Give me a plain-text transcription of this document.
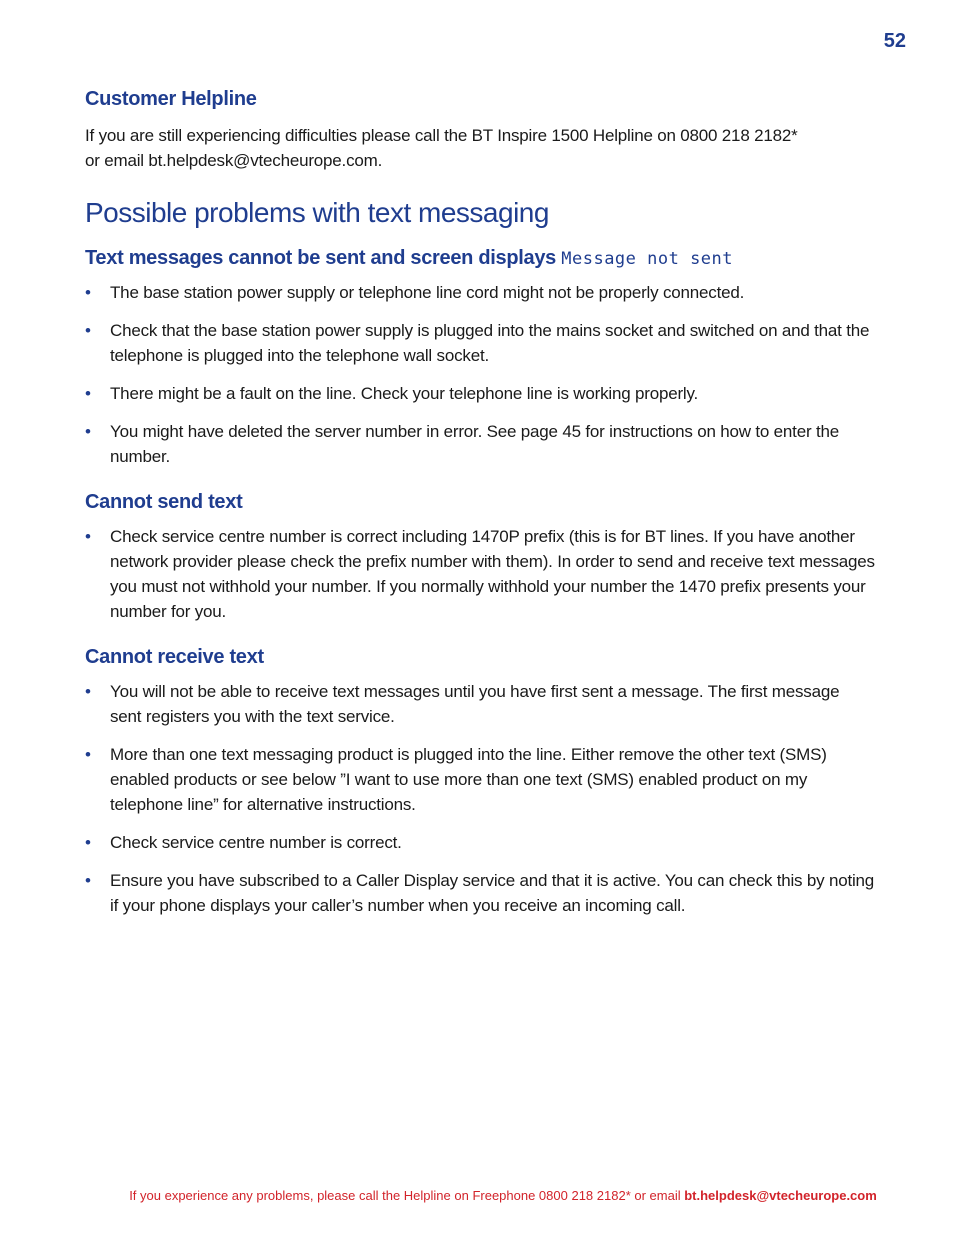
52
Customer Helpline

If you are still experiencing difficulties please call the BT Inspire 1500 Helpline on 0800 218 2182*
or email bt.helpdesk@vtecheurope.com.

Possible problems with text messaging
Text messages cannot be sent and screen displays Message not sent
• The base station power supply or telephone line cord might not be properly connected.
• Check that the base station power supply is plugged into the mains socket and switched on and that the telephone is plugged into the telephone wall socket.
• There might be a fault on the line. Check your telephone line is working properly.
• You might have deleted the server number in error. See page 45 for instructions on how to enter the number.
Cannot send text
• Check service centre number is correct including 1470P prefix (this is for BT lines. If you have another network provider please check the prefix number with them). In order to send and receive text messages you must not withhold your number. If you normally withhold your number the 1470 prefix presents your number for you.
Cannot receive text
• You will not be able to receive text messages until you have first sent a message. The first message sent registers you with the text service.
• More than one text messaging product is plugged into the line. Either remove the other text (SMS) enabled products or see below ”I want to use more than one text (SMS) enabled product on my telephone line” for alternative instructions.
• Check service centre number is correct.
• Ensure you have subscribed to a Caller Display service and that it is active. You can check this by noting if your phone displays your caller’s number when you receive an incoming call.
If you experience any problems, please call the Helpline on Freephone 0800 218 2182* or email bt.helpdesk@vtecheurope.com
